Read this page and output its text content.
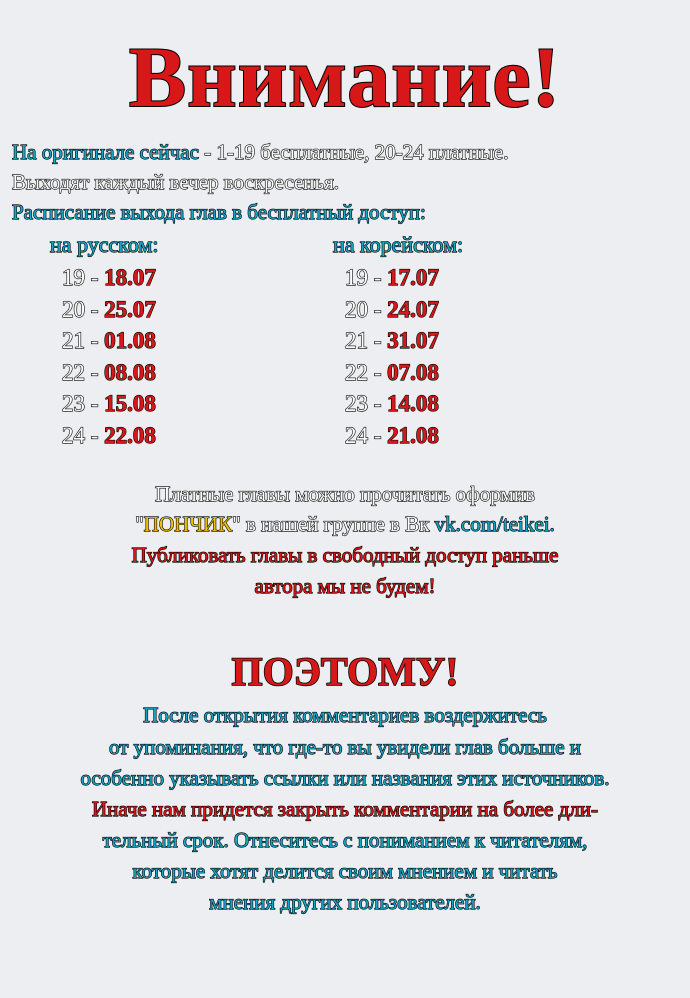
Внимание!
На оригинале сейчас - 1-19 бесплатные, 20-24 платные.
Выходят каждый вечер воскресенья.
Расписание выхода глав в бесплатный доступ:
на русском:
19 - 18.07
20 - 25.07
21 - 01.08
22 - 08.08
23 - 15.08
24 - 22.08
на корейском:
19 - 17.07
20 - 24.07
21 - 31.07
22 - 07.08
23 - 14.08
24 - 21.08
Платные главы можно прочитать оформив
"ПОНЧИК" в нашей группе в Вк vk.com/teikei.
Публиковать главы в свободный доступ раньше
автора мы не будем!
ПОЭТОМУ!
После открытия комментариев воздержитесь
от упоминания, что где-то вы увидели глав больше и
особенно указывать ссылки или названия этих источников.
Иначе нам придется закрыть комментарии на более дли-
тельный срок. Отнеситесь с пониманием к читателям,
которые хотят делится своим мнением и читать
мнения других пользователей.
